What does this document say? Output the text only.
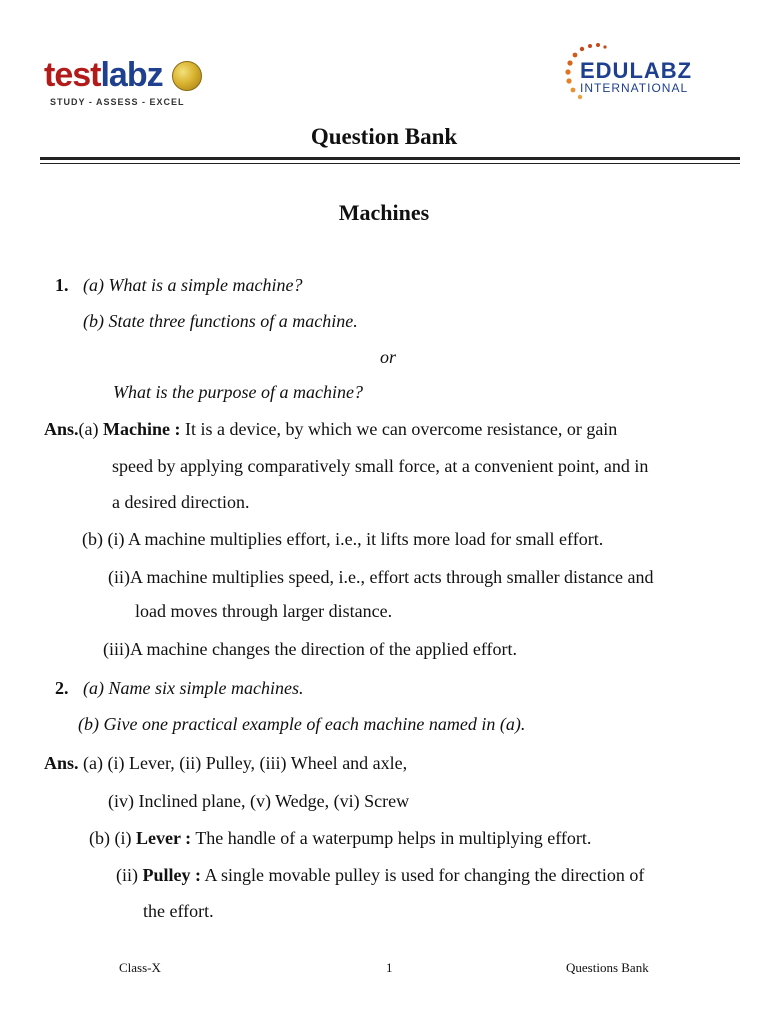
testlabz
STUDY - ASSESS - EXCEL
EDULABZ
INTERNATIONAL
Question Bank
Machines
1. (a) What is a simple machine?
(b) State three functions of a machine.
or
What is the purpose of a machine?
Ans.(a) Machine : It is a device, by which we can overcome resistance, or gain
speed by applying comparatively small force, at a convenient point, and in
a desired direction.
(b) (i) A machine multiplies effort, i.e., it lifts more load for small effort.
(ii)A machine multiplies speed, i.e., effort acts through smaller distance and
load moves through larger distance.
(iii)A machine changes the direction of the applied effort.
2. (a) Name six simple machines.
(b) Give one practical example of each machine named in (a).
Ans. (a) (i) Lever, (ii) Pulley, (iii) Wheel and axle,
(iv) Inclined plane, (v) Wedge, (vi) Screw
(b) (i) Lever : The handle of a waterpump helps in multiplying effort.
(ii) Pulley : A single movable pulley is used for changing the direction of
the effort.
Class-X	1	Questions Bank
